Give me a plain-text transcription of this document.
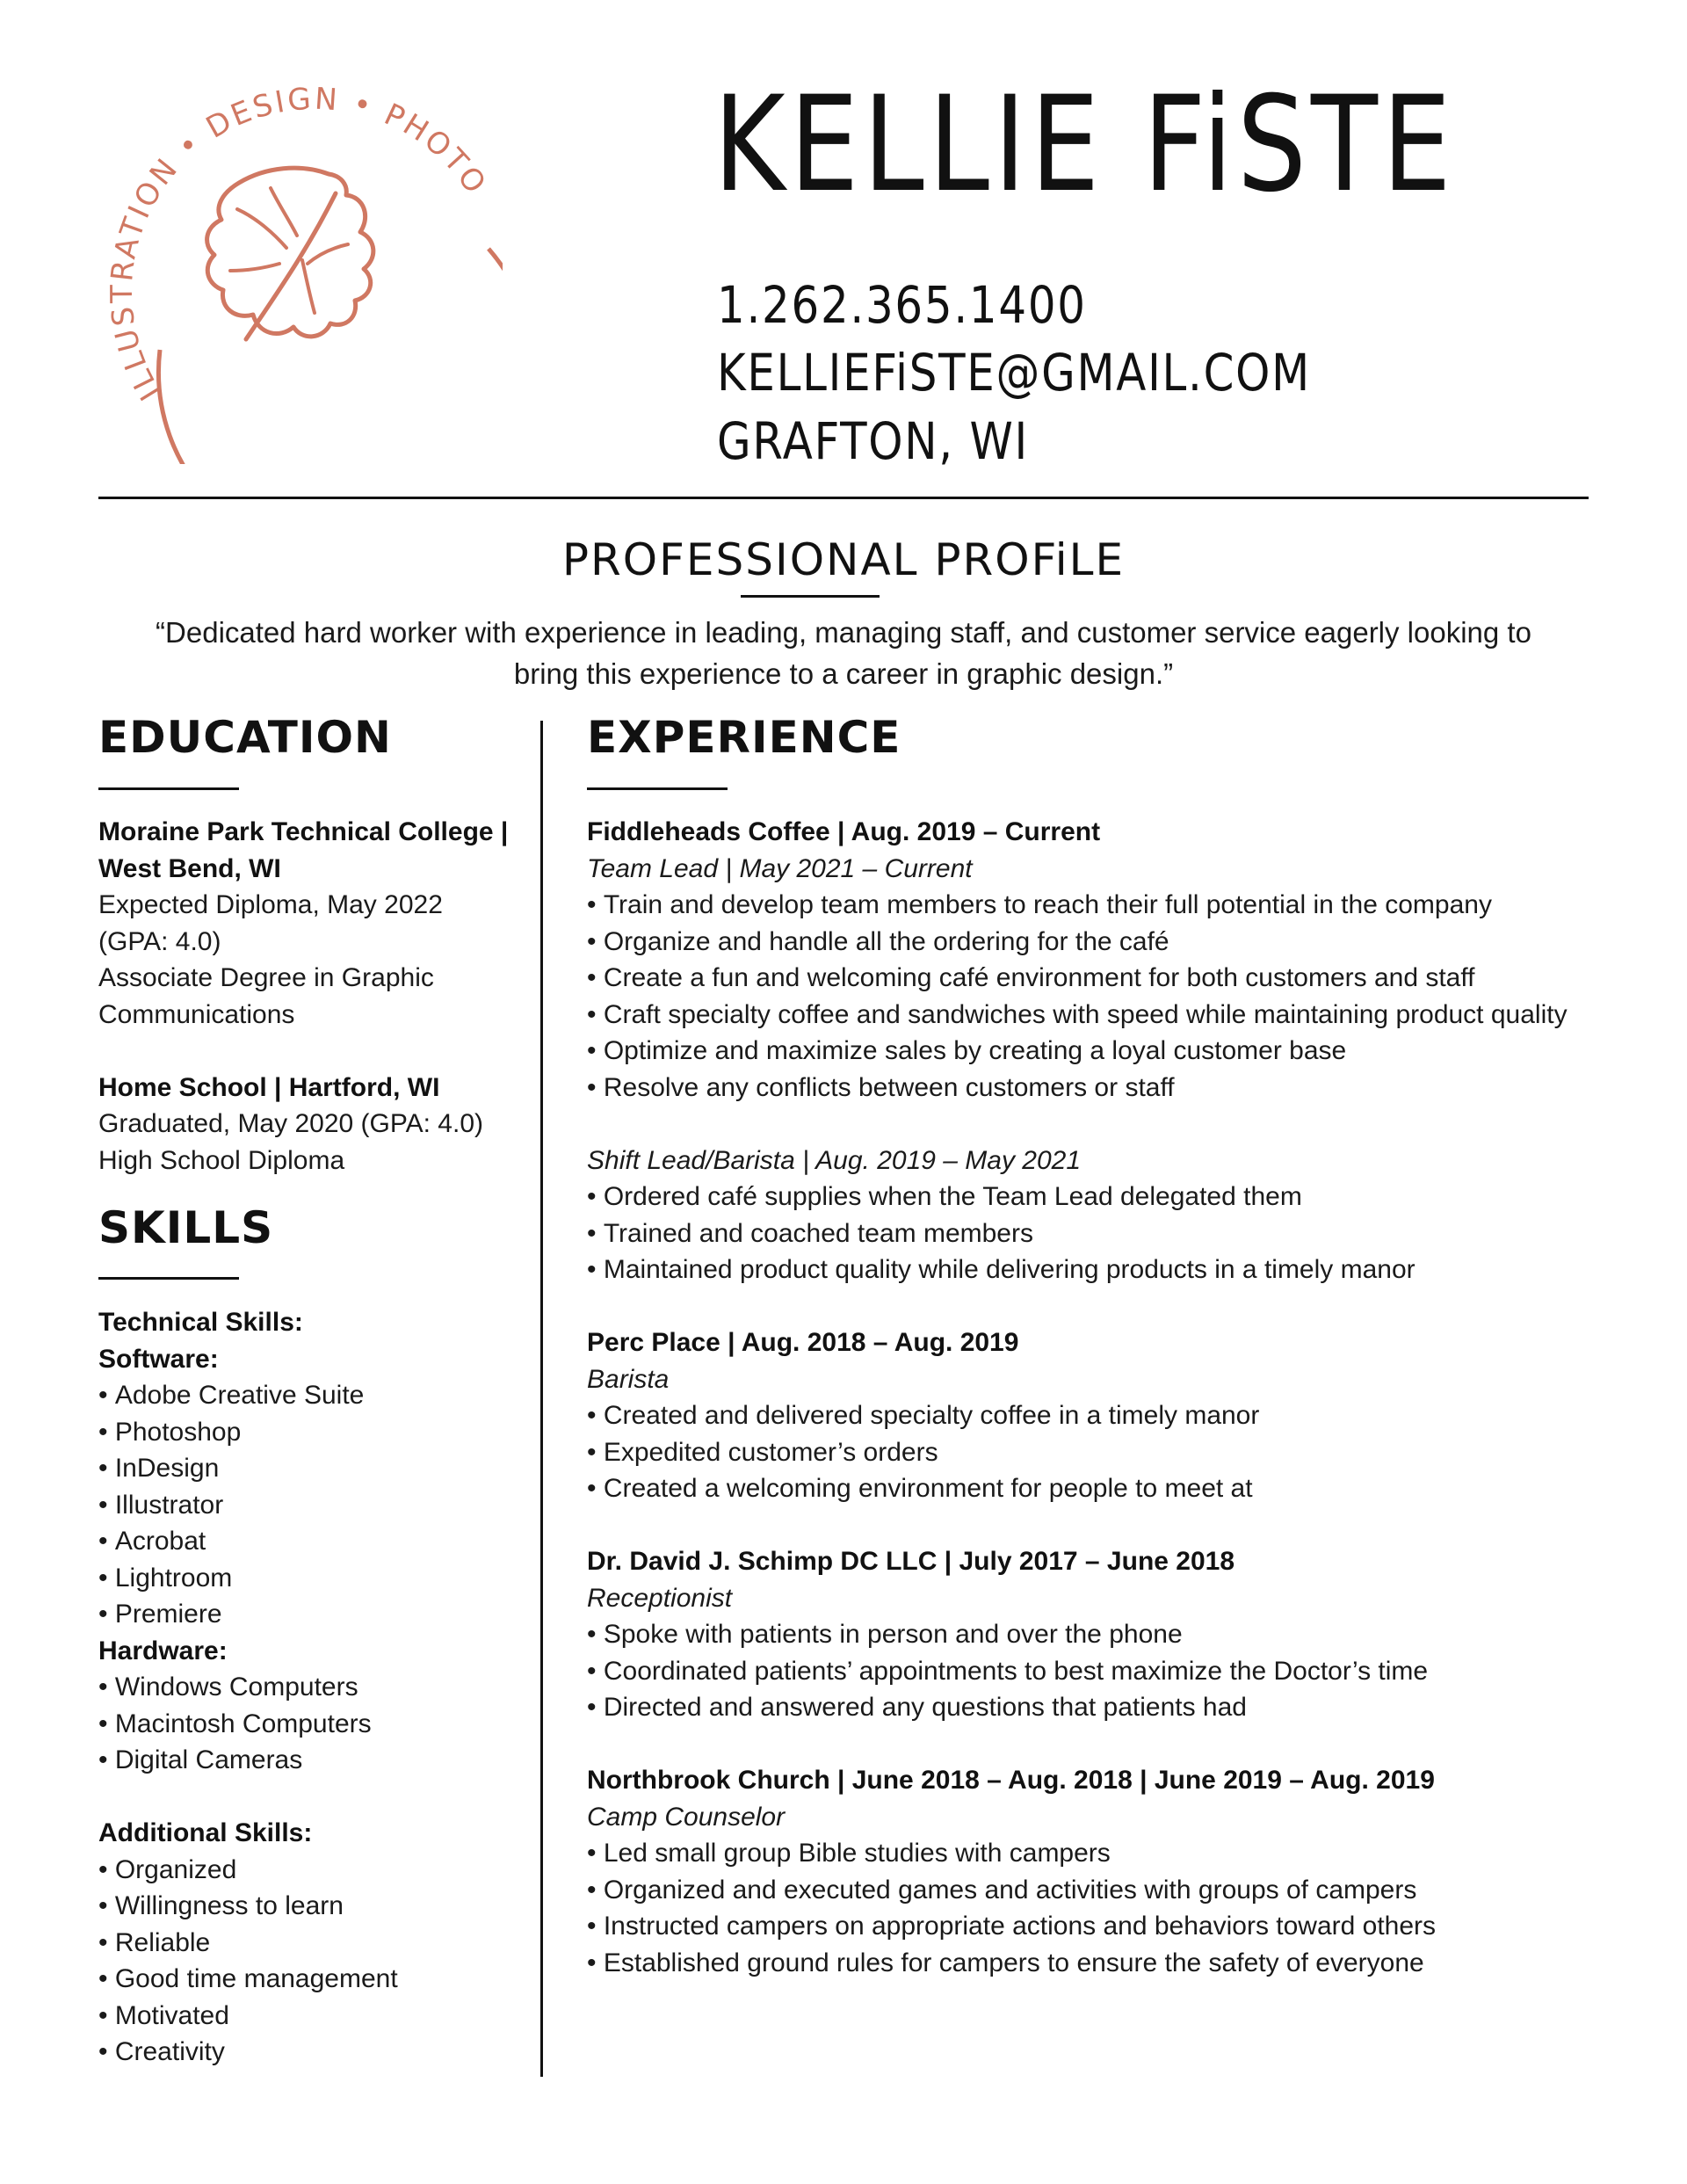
ILLUSTRATION • DESIGN • PHOTO KELLIE FiSTE
1.262.365.1400
KELLIEFiSTE@GMAIL.COM
GRAFTON, WI
PROFESSIONAL PROFiLE
“Dedicated hard worker with experience in leading, managing staff, and customer service eagerly looking to bring this experience to a career in graphic design.”
EDUCATION
Moraine Park Technical College |
West Bend, WI
Expected Diploma, May 2022
(GPA: 4.0)
Associate Degree in Graphic
Communications
Home School | Hartford, WI
Graduated, May 2020 (GPA: 4.0)
High School Diploma
SKILLS
Technical Skills:
Software:
• Adobe Creative Suite
• Photoshop
• InDesign
• Illustrator
• Acrobat
• Lightroom
• Premiere
Hardware:
• Windows Computers
• Macintosh Computers
• Digital Cameras
Additional Skills:
• Organized
• Willingness to learn
• Reliable
• Good time management
• Motivated
• Creativity
EXPERIENCE
Fiddleheads Coffee | Aug. 2019 – Current
Team Lead | May 2021 – Current
• Train and develop team members to reach their full potential in the company
• Organize and handle all the ordering for the café
• Create a fun and welcoming café environment for both customers and staff
• Craft specialty coffee and sandwiches with speed while maintaining product quality
• Optimize and maximize sales by creating a loyal customer base
• Resolve any conflicts between customers or staff
Shift Lead/Barista | Aug. 2019 – May 2021
• Ordered café supplies when the Team Lead delegated them
• Trained and coached team members
• Maintained product quality while delivering products in a timely manor
Perc Place | Aug. 2018 – Aug. 2019
Barista
• Created and delivered specialty coffee in a timely manor
• Expedited customer’s orders
• Created a welcoming environment for people to meet at
Dr. David J. Schimp DC LLC | July 2017 – June 2018
Receptionist
• Spoke with patients in person and over the phone
• Coordinated patients’ appointments to best maximize the Doctor’s time
• Directed and answered any questions that patients had
Northbrook Church | June 2018 – Aug. 2018 | June 2019 – Aug. 2019
Camp Counselor
• Led small group Bible studies with campers
• Organized and executed games and activities with groups of campers
• Instructed campers on appropriate actions and behaviors toward others
• Established ground rules for campers to ensure the safety of everyone
